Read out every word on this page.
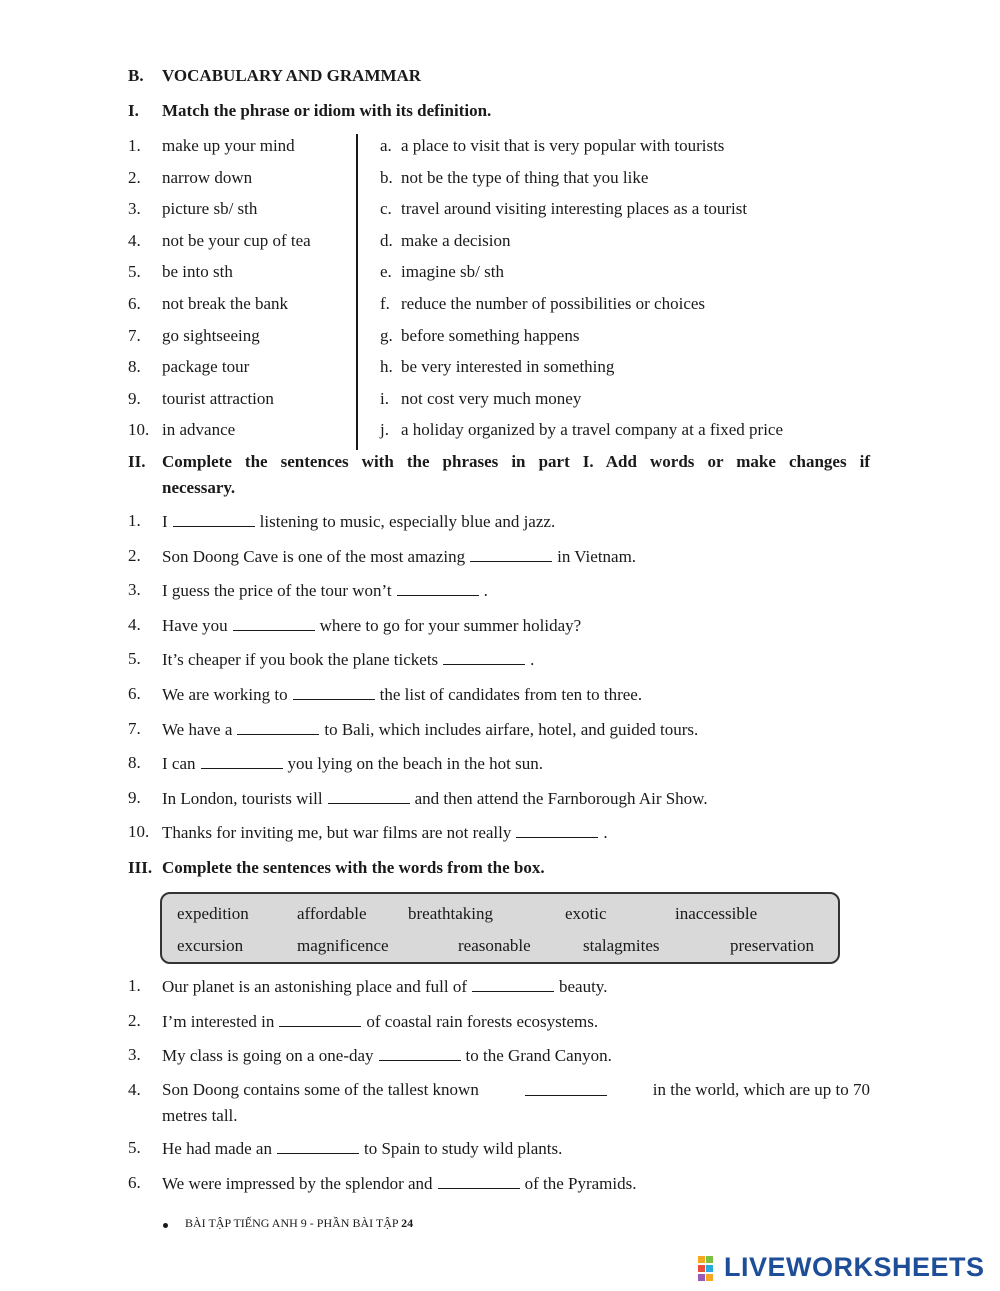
B. VOCABULARY AND GRAMMAR
I. Match the phrase or idiom with its definition.
1. make up your mind	a. a place to visit that is very popular with tourists
2. narrow down	b. not be the type of thing that you like
3. picture sb/ sth	c. travel around visiting interesting places as a tourist
4. not be your cup of tea	d. make a decision
5. be into sth	e. imagine sb/ sth
6. not break the bank	f. reduce the number of possibilities or choices
7. go sightseeing	g. before something happens
8. package tour	h. be very interested in something
9. tourist attraction	i. not cost very much money
10. in advance	j. a holiday organized by a travel company at a fixed price
II. Complete the sentences with the phrases in part I. Add words or make changes if
necessary.
1. I	listening to music, especially blue and jazz.
2. Son Doong Cave is one of the most amazing	in Vietnam.
3. I guess the price of the tour won’t	.
4. Have you	where to go for your summer holiday?
5. It’s cheaper if you book the plane tickets	.
6. We are working to	the list of candidates from ten to three.
7. We have a	to Bali, which includes airfare, hotel, and guided tours.
8. I can	you lying on the beach in the hot sun.
9. In London, tourists will	and then attend the Farnborough Air Show.
10. Thanks for inviting me, but war films are not really	.
III. Complete the sentences with the words from the box.
expedition	affordable breathtaking	exotic	inaccessible
excursion	magnificence	reasonable	stalagmites	preservation
1. Our planet is an astonishing place and full of	beauty.
2. I’m interested in	of coastal rain forests ecosystems.
3. My class is going on a one-day	to the Grand Canyon.
4. Son Doong contains some of the tallest known	in the world, which are up to 70
metres tall.
5. He had made an	to Spain to study wild plants.
6. We were impressed by the splendor and	of the Pyramids.
BÀI TẬP TIẾNG ANH 9 - PHẦN BÀI TẬP 24
LIVEWORKSHEETS
